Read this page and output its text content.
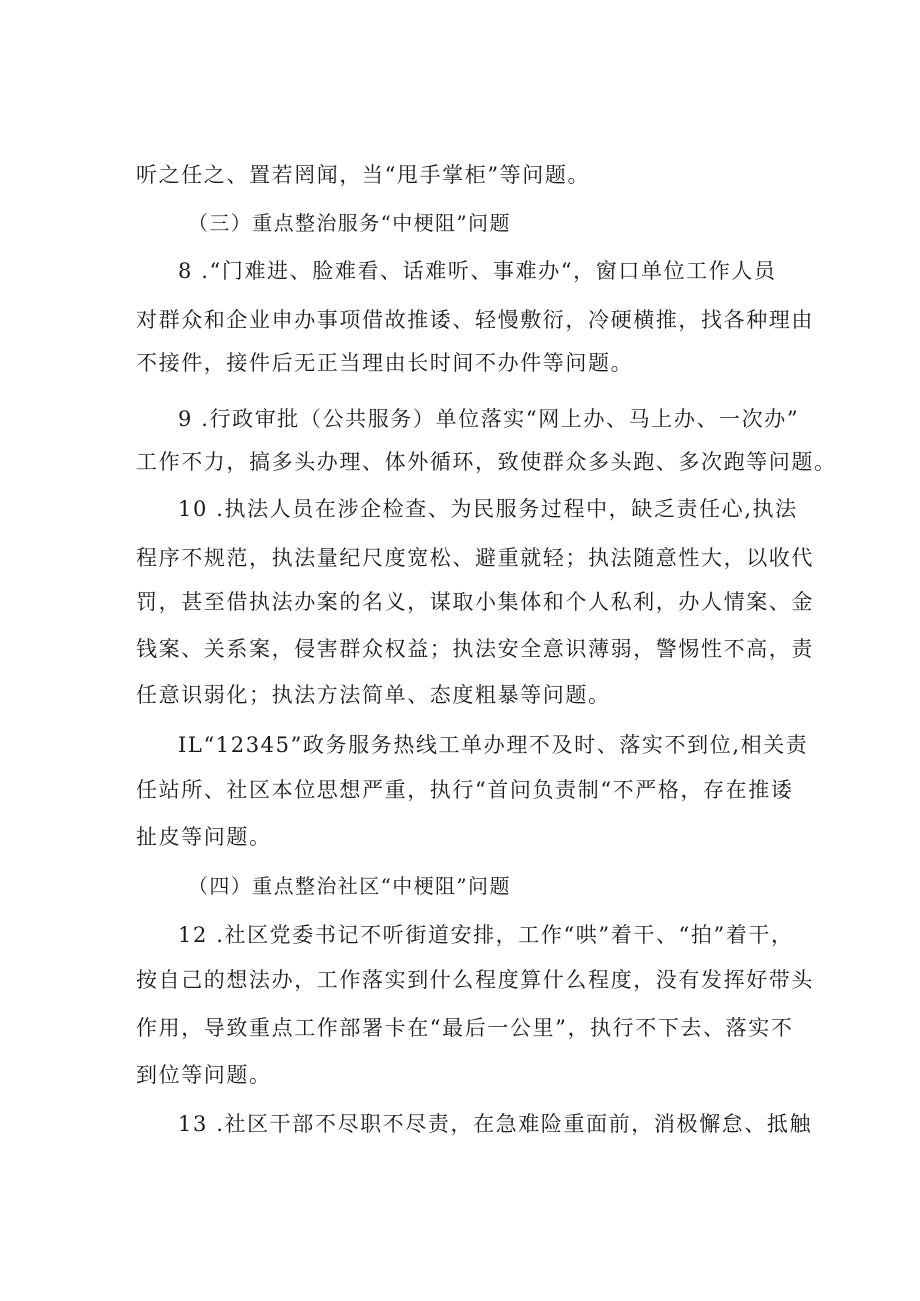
听之任之、置若罔闻，当“甩手掌柜”等问题。
（三）重点整治服务“中梗阻”问题
8 .“门难进、脸难看、话难听、事难办“，窗口单位工作人员
对群众和企业申办事项借故推诿、轻慢敷衍，冷硬横推，找各种理由
不接件，接件后无正当理由长时间不办件等问题。
9 .行政审批（公共服务）单位落实“网上办、马上办、一次办”
工作不力，搞多头办理、体外循环，致使群众多头跑、多次跑等问题。
10 .执法人员在涉企检查、为民服务过程中，缺乏责任心,执法
程序不规范，执法量纪尺度宽松、避重就轻；执法随意性大，以收代
罚，甚至借执法办案的名义，谋取小集体和个人私利，办人情案、金
钱案、关系案，侵害群众权益；执法安全意识薄弱，警惕性不高，责
任意识弱化；执法方法简单、态度粗暴等问题。
IL“12345”政务服务热线工单办理不及时、落实不到位,相关责
任站所、社区本位思想严重，执行“首问负责制“不严格，存在推诿
扯皮等问题。
（四）重点整治社区“中梗阻”问题
12 .社区党委书记不听街道安排，工作“哄”着干、“拍”着干，
按自己的想法办，工作落实到什么程度算什么程度，没有发挥好带头
作用，导致重点工作部署卡在“最后一公里”，执行不下去、落实不
到位等问题。
13 .社区干部不尽职不尽责，在急难险重面前，消极懈怠、抵触
